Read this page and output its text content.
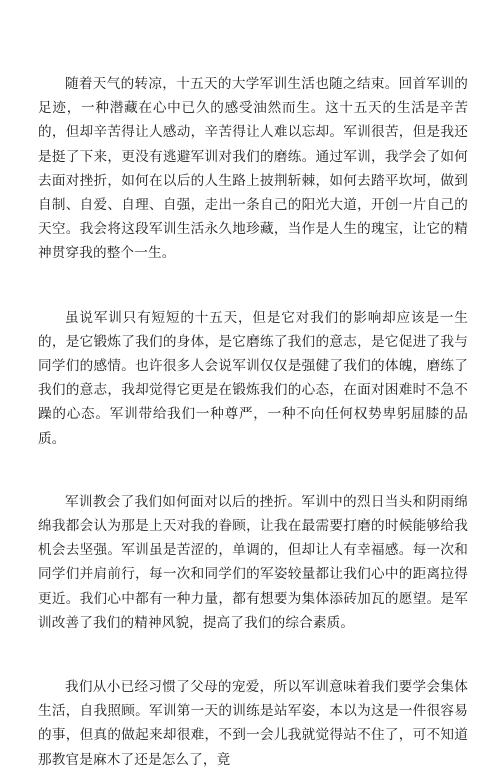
随着天气的转凉，十五天的大学军训生活也随之结束。回首军训的足迹，一种潜藏在心中已久的感受油然而生。这十五天的生活是辛苦的，但却辛苦得让人感动，辛苦得让人难以忘却。军训很苦，但是我还是挺了下来，更没有逃避军训对我们的磨练。通过军训，我学会了如何去面对挫折，如何在以后的人生路上披荆斩棘，如何去踏平坎坷，做到自制、自爱、自理、自强，走出一条自己的阳光大道，开创一片自己的天空。我会将这段军训生活永久地珍藏，当作是人生的瑰宝，让它的精神贯穿我的整个一生。

虽说军训只有短短的十五天，但是它对我们的影响却应该是一生的，是它锻炼了我们的身体，是它磨练了我们的意志，是它促进了我与同学们的感情。也许很多人会说军训仅仅是强健了我们的体魄，磨练了我们的意志，我却觉得它更是在锻炼我们的心态，在面对困难时不急不躁的心态。军训带给我们一种尊严，一种不向任何权势卑躬屈膝的品质。

军训教会了我们如何面对以后的挫折。军训中的烈日当头和阴雨绵绵我都会认为那是上天对我的眷顾，让我在最需要打磨的时候能够给我机会去坚强。军训虽是苦涩的，单调的，但却让人有幸福感。每一次和同学们并肩前行，每一次和同学们的军姿较量都让我们心中的距离拉得更近。我们心中都有一种力量，都有想要为集体添砖加瓦的愿望。是军训改善了我们的精神风貌，提高了我们的综合素质。

我们从小已经习惯了父母的宠爱，所以军训意味着我们要学会集体生活，自我照顾。军训第一天的训练是站军姿，本以为这是一件很容易的事，但真的做起来却很难，不到一会儿我就觉得站不住了，可不知道那教官是麻木了还是怎么了，竟
